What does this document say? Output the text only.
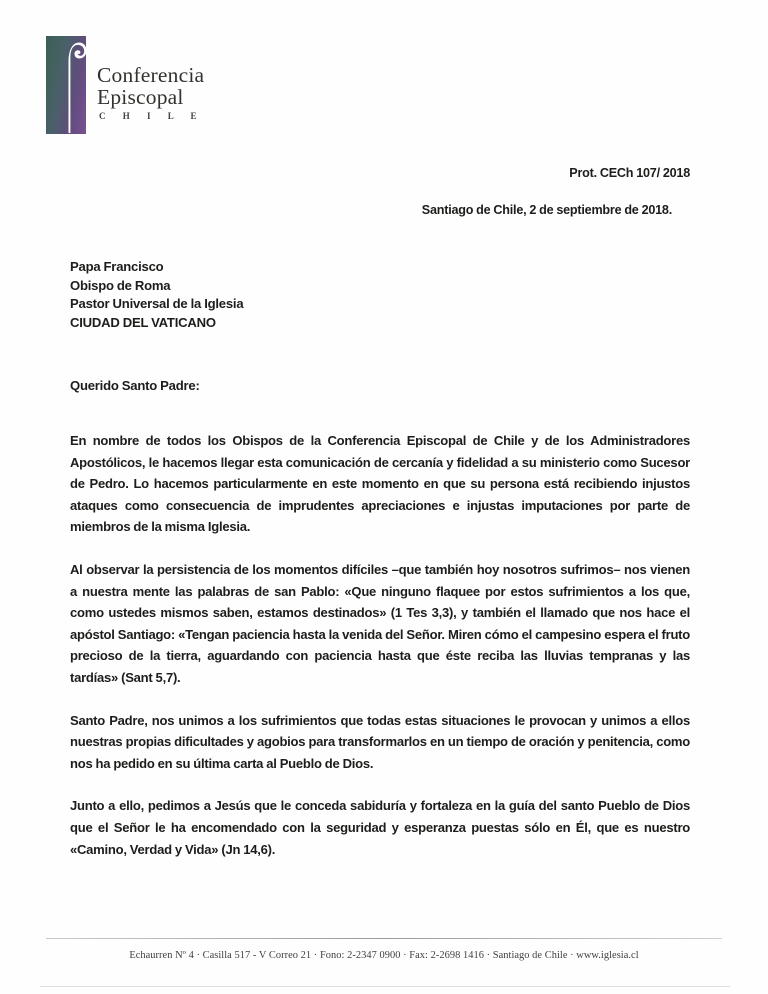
Conferencia
Episcopal
C H I L E
Prot. CECh 107/ 2018
Santiago de Chile, 2 de septiembre de 2018.
Papa Francisco
Obispo de Roma
Pastor Universal de la Iglesia
CIUDAD DEL VATICANO
Querido Santo Padre:

En nombre de todos los Obispos de la Conferencia Episcopal de Chile y de los Administradores Apostólicos, le hacemos llegar esta comunicación de cercanía y fidelidad a su ministerio como Sucesor de Pedro. Lo hacemos particularmente en este momento en que su persona está recibiendo injustos ataques como consecuencia de imprudentes apreciaciones e injustas imputaciones por parte de miembros de la misma Iglesia.

Al observar la persistencia de los momentos difíciles –que también hoy nosotros sufrimos– nos vienen a nuestra mente las palabras de san Pablo: «Que ninguno flaquee por estos sufrimientos a los que, como ustedes mismos saben, estamos destinados» (1 Tes 3,3), y también el llamado que nos hace el apóstol Santiago: «Tengan paciencia hasta la venida del Señor. Miren cómo el campesino espera el fruto precioso de la tierra, aguardando con paciencia hasta que éste reciba las lluvias tempranas y las tardías» (Sant 5,7).

Santo Padre, nos unimos a los sufrimientos que todas estas situaciones le provocan y unimos a ellos nuestras propias dificultades y agobios para transformarlos en un tiempo de oración y penitencia, como nos ha pedido en su última carta al Pueblo de Dios.

Junto a ello, pedimos a Jesús que le conceda sabiduría y fortaleza en la guía del santo Pueblo de Dios que el Señor le ha encomendado con la seguridad y esperanza puestas sólo en Él, que es nuestro «Camino, Verdad y Vida» (Jn 14,6).

Echaurren Nº 4 · Casilla 517 - V Correo 21 · Fono: 2-2347 0900 · Fax: 2-2698 1416 · Santiago de Chile · www.iglesia.cl
